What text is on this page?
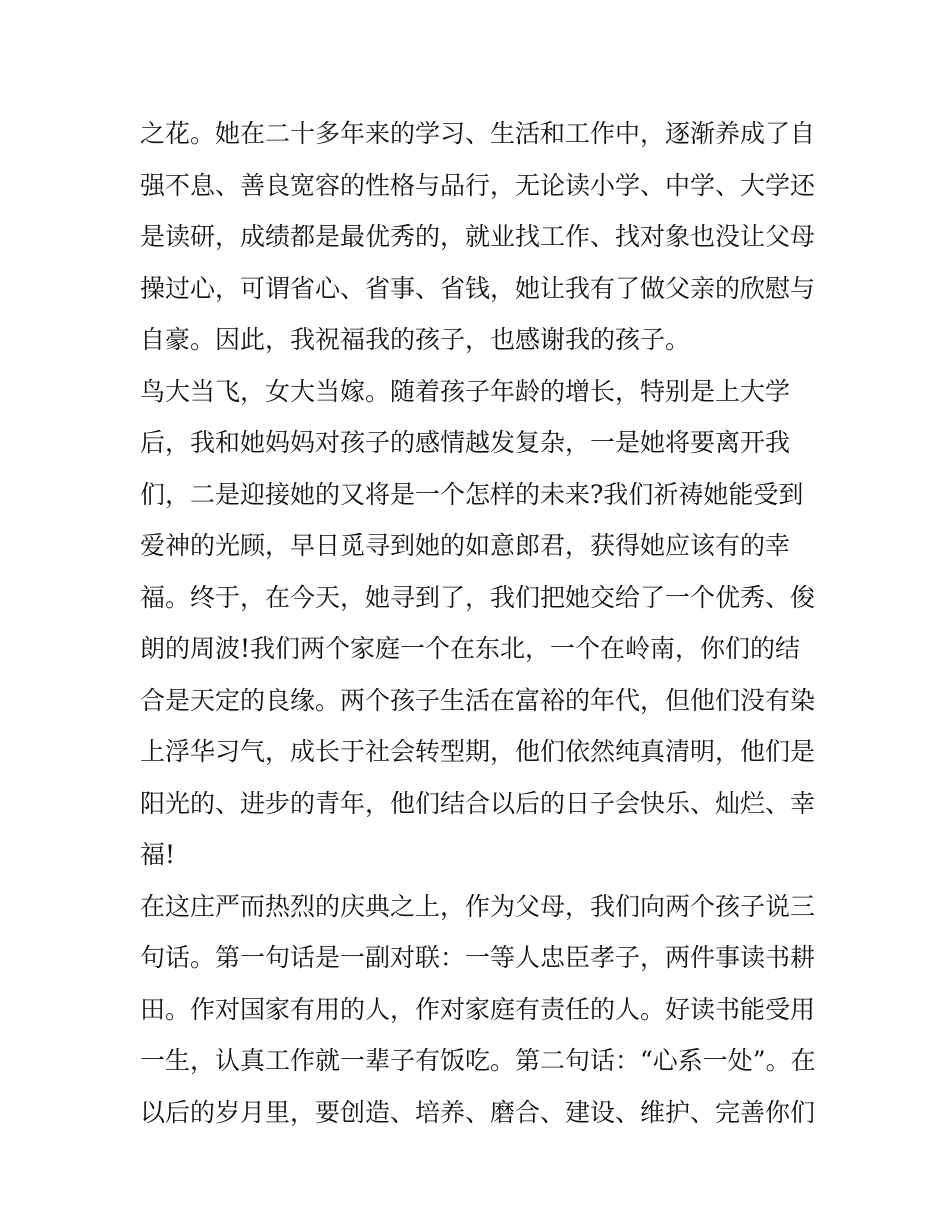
之花。她在二十多年来的学习、生活和工作中，逐渐养成了自
强不息、善良宽容的性格与品行，无论读小学、中学、大学还
是读研，成绩都是最优秀的，就业找工作、找对象也没让父母
操过心，可谓省心、省事、省钱，她让我有了做父亲的欣慰与
自豪。因此，我祝福我的孩子，也感谢我的孩子。
鸟大当飞，女大当嫁。随着孩子年龄的增长，特别是上大学
后，我和她妈妈对孩子的感情越发复杂，一是她将要离开我
们，二是迎接她的又将是一个怎样的未来?我们祈祷她能受到
爱神的光顾，早日觅寻到她的如意郎君，获得她应该有的幸
福。终于，在今天，她寻到了，我们把她交给了一个优秀、俊
朗的周波!我们两个家庭一个在东北，一个在岭南，你们的结
合是天定的良缘。两个孩子生活在富裕的年代，但他们没有染
上浮华习气，成长于社会转型期，他们依然纯真清明，他们是
阳光的、进步的青年，他们结合以后的日子会快乐、灿烂、幸
福!
在这庄严而热烈的庆典之上，作为父母，我们向两个孩子说三
句话。第一句话是一副对联：一等人忠臣孝子，两件事读书耕
田。作对国家有用的人，作对家庭有责任的人。好读书能受用
一生，认真工作就一辈子有饭吃。第二句话：“心系一处”。在
以后的岁月里，要创造、培养、磨合、建设、维护、完善你们
